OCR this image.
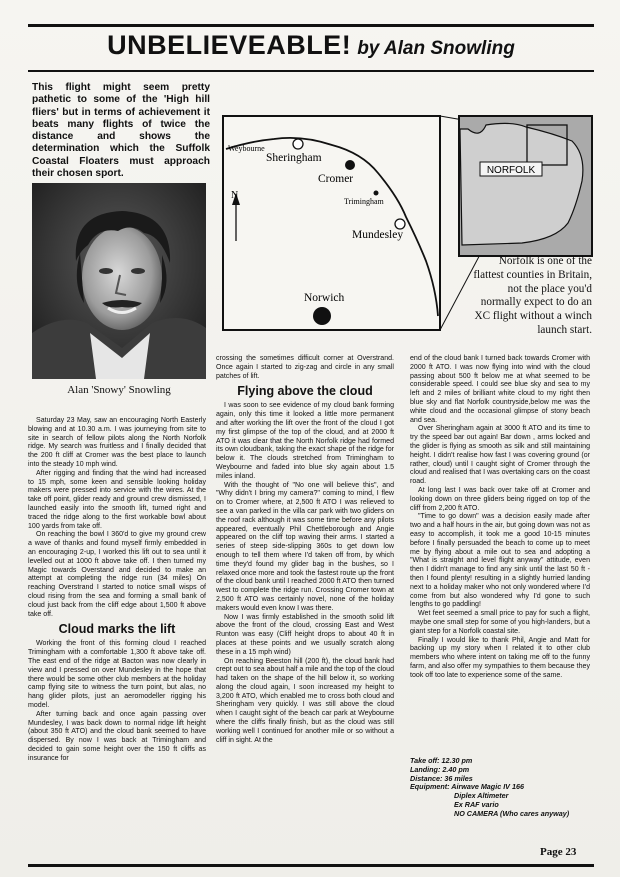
UNBELIEVEABLE! by Alan Snowling
This flight might seem pretty pathetic to some of the 'High hill fliers' but in terms of achievement it beats many flights of twice the distance and shows the determination which the Suffolk Coastal Floaters must approach their chosen sport.
Alan 'Snowy' Snowling
N
Weybourne
Sheringham
Cromer
Trimingham
Mundesley
Norwich
NORFOLK
Norfolk is one of the flattest counties in Britain, not the place you'd normally expect to do an XC flight without a winch launch start.

Saturday 23 May, saw an encouraging North Easterly blowing and at 10.30 a.m. I was journeying from site to site in search of fellow pilots along the North Norfolk ridge. My search was fruitless and I finally decided that the 200 ft cliff at Cromer was the best place to launch into the steady 10 mph wind.

After rigging and finding that the wind had increased to 15 mph, some keen and sensible looking holiday makers were pressed into service with the wires. At the take off point, glider ready and ground crew dismissed, I launched easily into the smooth lift, turned right and traced the ridge along to the first workable bowl about 100 yards from take off.

On reaching the bowl I 360'd to give my ground crew a wave of thanks and found myself firmly embedded in an encouraging 2-up, I worked this lift out to sea until it levelled out at 1000 ft above take off. I then turned my Magic towards Overstand and decided to make an attempt at completing the ridge run (34 miles) On reaching Overstrand I started to notice small wisps of cloud rising from the sea and forming a small bank of cloud just back from the cliff edge about 1,500 ft above take off.

Cloud marks the lift

Working the front of this forming cloud I reached Trimingham with a comfortable 1,300 ft above take off. The east end of the ridge at Bacton was now clearly in view and I pressed on over Mundesley in the hope that there would be some other club members at the holiday camp flying site to witness the turn point, but alas, no hang glider pilots, just an aeromodeller rigging his model.

After turning back and once again passing over Mundesley, I was back down to normal ridge lift height (about 350 ft ATO) and the cloud bank seemed to have dispersed. By now I was back at Trimingham and decided to gain some height over the 150 ft cliffs as insurance for

crossing the sometimes difficult corner at Overstrand. Once again I started to zig-zag and circle in any small patches of lift.

Flying above the cloud

I was soon to see evidence of my cloud bank forming again, only this time it looked a little more permanent and after working the lift over the front of the cloud I got my first glimpse of the top of the cloud, and at 2000 ft ATO it was clear that the North Norfolk ridge had formed its own cloudbank, taking the exact shape of the ridge for below it. The clouds stretched from Trimingham to Weybourne and faded into blue sky again about 1.5 miles inland.

With the thought of "No one will believe this", and "Why didn't I bring my camera?" coming to mind, I flew on to Cromer where, at 2,500 ft ATO I was relieved to see a van parked in the villa car park with two gliders on the roof rack although it was some time before any pilots appeared, eventually Phil Chettleborough and Angie appeared on the cliff top waving their arms. I started a series of steep side-slipping 360s to get down low enough to tell them where I'd taken off from, by which time they'd found my glider bag in the bushes, so I relaxed once more and took the fastest route up the front of the cloud bank until I reached 2000 ft ATO then turned west to complete the ridge run. Crossing Cromer town at 2,500 ft ATO was certainly novel, none of the holiday makers would even know I was there.

Now I was firmly established in the smooth solid lift above the front of the cloud, crossing East and West Runton was easy (Cliff height drops to about 40 ft in places at these points and we usually scratch along these in a 15 mph wind)

On reaching Beeston hill (200 ft), the cloud bank had crept out to sea about half a mile and the top of the cloud had taken on the shape of the hill below it, so working along the cloud again, I soon increased my height to 3,200 ft ATO, which enabled me to cross both cloud and Sheringham very quickly. I was still above the cloud when I caught sight of the beach car park at Weybourne where the cliffs finally finish, but as the cloud was still working well I continued for another mile or so without a cliff in sight. At the

end of the cloud bank I turned back towards Cromer with 2000 ft ATO. I was now flying into wind with the cloud passing about 500 ft below me at what seemed to be considerable speed. I could see blue sky and sea to my left and 2 miles of brilliant white cloud to my right then blue sky and flat Norfolk countryside,below me was the white cloud and the occasional glimpse of stony beach and sea.

Over Sheringham again at 3000 ft ATO and its time to try the speed bar out again! Bar down , arms locked and the glider is flying as smooth as silk and still maintaining height. I didn't realise how fast I was covering ground (or rather, cloud) until I caught sight of Cromer through the cloud and realised that I was overtaking cars on the coast road.

At long last I was back over take off at Cromer and looking down on three gliders being rigged on top of the cliff from 2,200 ft ATO.

"Time to go down" was a decision easily made after two and a half hours in the air, but going down was not as easy to accomplish, it took me a good 10-15 minutes before I finally persuaded the beach to come up to meet me by flying about a mile out to sea and adopting a "What is straight and level flight anyway" attitude, even then I didn't manage to find any sink until the last 50 ft - then I found plenty! resulting in a slightly hurried landing next to a holiday maker who not only wondered where I'd come from but also wondered why I'd gone to such lengths to go paddling!

Wet feet seemed a small price to pay for such a flight, maybe one small step for some of you high-landers, but a giant step for a Norfolk coastal site.

Finally I would like to thank Phil, Angie and Matt for backing up my story when I related it to other club members who where intent on taking me off to the funny farm, and also offer my sympathies to them because they took off too late to experience some of the same.

Take off: 12.30 pm
Landing: 2.40 pm
Distance: 36 miles
Equipment: Airwave Magic IV 166
Diplex Altimeter
Ex RAF vario
NO CAMERA (Who cares anyway)
Page 23
